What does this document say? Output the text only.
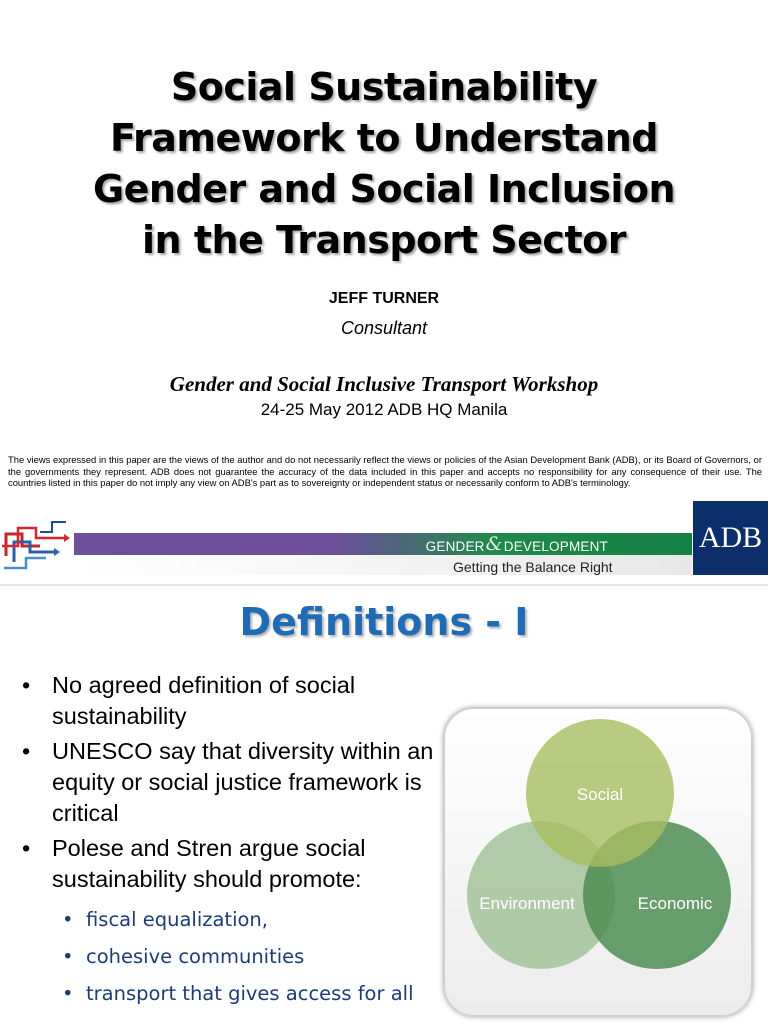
Social Sustainability
Framework to Understand
Gender and Social Inclusion
in the Transport Sector
JEFF TURNER
Consultant
Gender and Social Inclusive Transport Workshop
24-25 May 2012 ADB HQ Manila
The views expressed in this paper are the views of the author and do not necessarily reflect the views or policies of the Asian Development Bank (ADB), or its Board of Governors, or the governments they represent. ADB does not guarantee the accuracy of the data included in this paper and accepts no responsibility for any consequence of their use. The countries listed in this paper do not imply any view on ADB's part as to sovereignty or independent status or necessarily conform to ADB's terminology.
GENDER & DEVELOPMENT
Getting the Balance Right
ADB
Definitions - I
• No agreed definition of social sustainability
• UNESCO say that diversity within an equity or social justice framework is critical
• Polese and Stren argue social sustainability should promote:
• fiscal equalization,
• cohesive communities
• transport that gives access for all
Social
Environment	Economic
